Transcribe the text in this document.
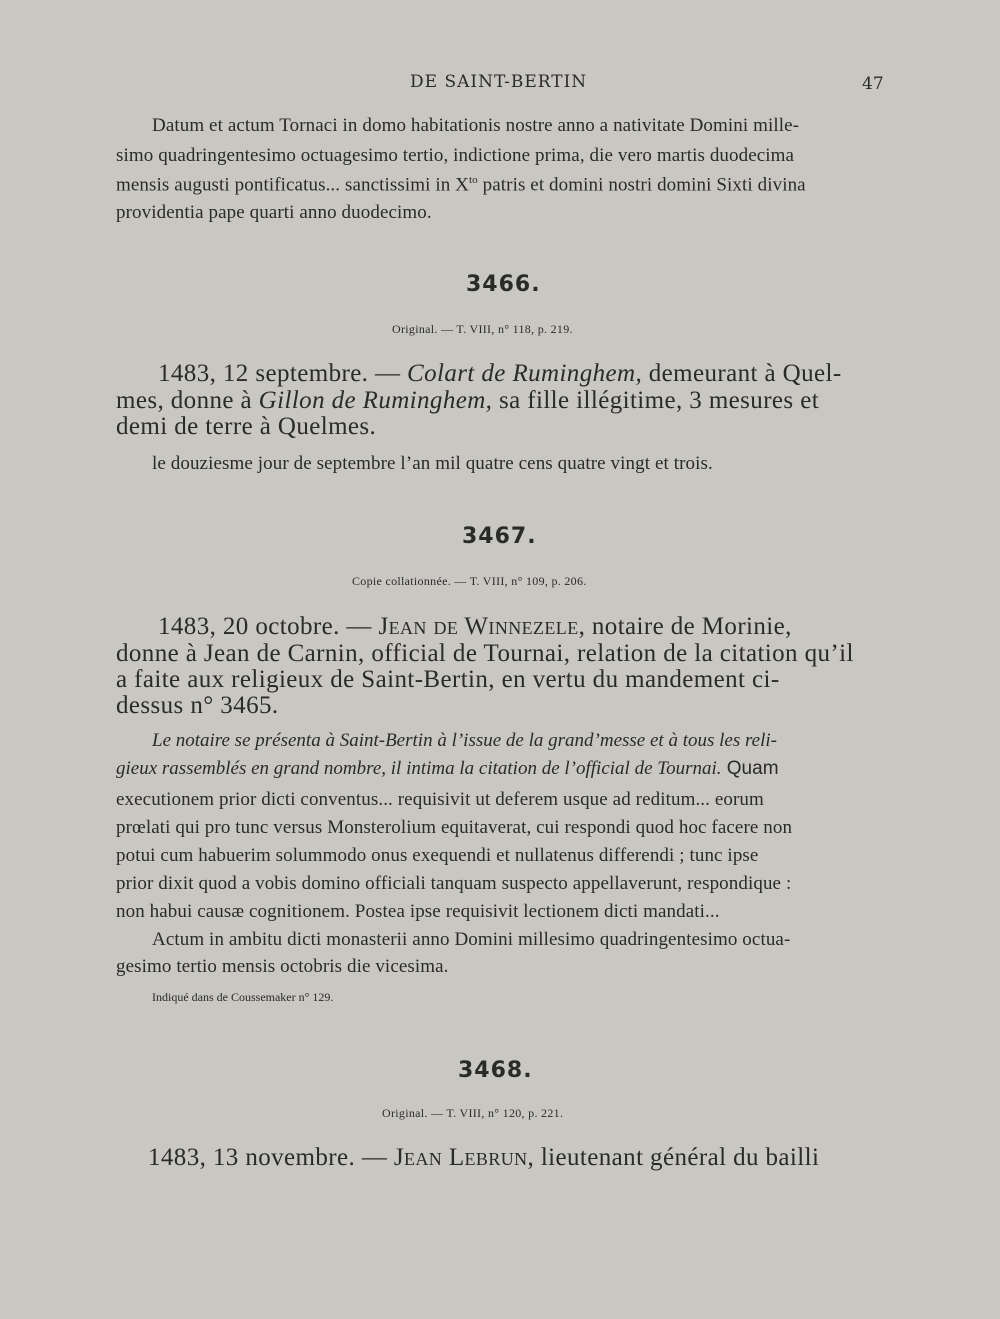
DE SAINT-BERTIN	47
Datum et actum Tornaci in domo habitationis nostre anno a nativitate Domini mille-
simo quadringentesimo octuagesimo tertio, indictione prima, die vero martis duodecima
mensis augusti pontificatus... sanctissimi in $X^{to}$ patris et domini nostri domini Sixti divina
providentia pape quarti anno duodecimo.
3466.
Original. — T. VIII, n° 118, p. 219.
1483, 12 septembre. — Colart de Ruminghem, demeurant à Quel-
mes, donne à Gillon de Ruminghem, sa fille illégitime, 3 mesures et
demi de terre à Quelmes.
le douziesme jour de septembre l’an mil quatre cens quatre vingt et trois.
3467.
Copie collationnée. — T. VIII, n° 109, p. 206.
1483, 20 octobre. — Jean de Winnezele, notaire de Morinie,
donne à Jean de Carnin, official de Tournai, relation de la citation qu’il
a faite aux religieux de Saint-Bertin, en vertu du mandement ci-
dessus n° 3465.
Le notaire se présenta à Saint-Bertin à l’issue de la grand’messe et à tous les reli-
gieux rassemblés en grand nombre, il intima la citation de l’official de Tournai. Quam
executionem prior dicti conventus... requisivit ut deferem usque ad reditum... eorum
prœlati qui pro tunc versus Monsterolium equitaverat, cui respondi quod hoc facere non
potui cum habuerim solummodo onus exequendi et nullatenus differendi ; tunc ipse
prior dixit quod a vobis domino officiali tanquam suspecto appellaverunt, respondique :
non habui causæ cognitionem. Postea ipse requisivit lectionem dicti mandati...
Actum in ambitu dicti monasterii anno Domini millesimo quadringentesimo octua-
gesimo tertio mensis octobris die vicesima.
Indiqué dans de Coussemaker n° 129.
3468.
Original. — T. VIII, n° 120, p. 221.
1483, 13 novembre. — Jean Lebrun, lieutenant général du bailli
